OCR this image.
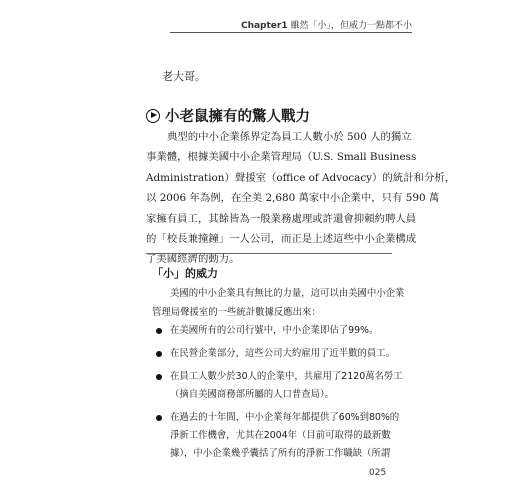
Chapter1 雖然「小」，但威力一點都不小
老大哥。
小老鼠擁有的驚人戰力
典型的中小企業係界定為員工人數小於 500 人的獨立
事業體，根據美國中小企業管理局（U.S. Small Business
Administration）聲援室（office of Advocacy）的統計和分析，
以 2006 年為例，在全美 2,680 萬家中小企業中，只有 590 萬
家擁有員工，其餘皆為一般業務處理或許還會抑頼約聘人員
的「校長兼撞鐘」一人公司，而正是上述這些中小企業構成
了美國經濟的動力。
「小」的威力
美國的中小企業具有無比的力量，這可以由美國中小企業
管理局聲援室的一些統計數據反應出來：
在美國所有的公司行號中，中小企業即佔了99%。
在民營企業部分，這些公司大約雇用了近半數的員工。
在員工人數少於30人的企業中，共雇用了2120萬名勞工
（摘自美國商務部所屬的人口普查局）。
在過去的十年間，中小企業每年都提供了60%到80%的
淨新工作機會，尤其在2004年（目前可取得的最新數
據），中小企業幾乎囊括了所有的淨新工作職缺（所謂
025
